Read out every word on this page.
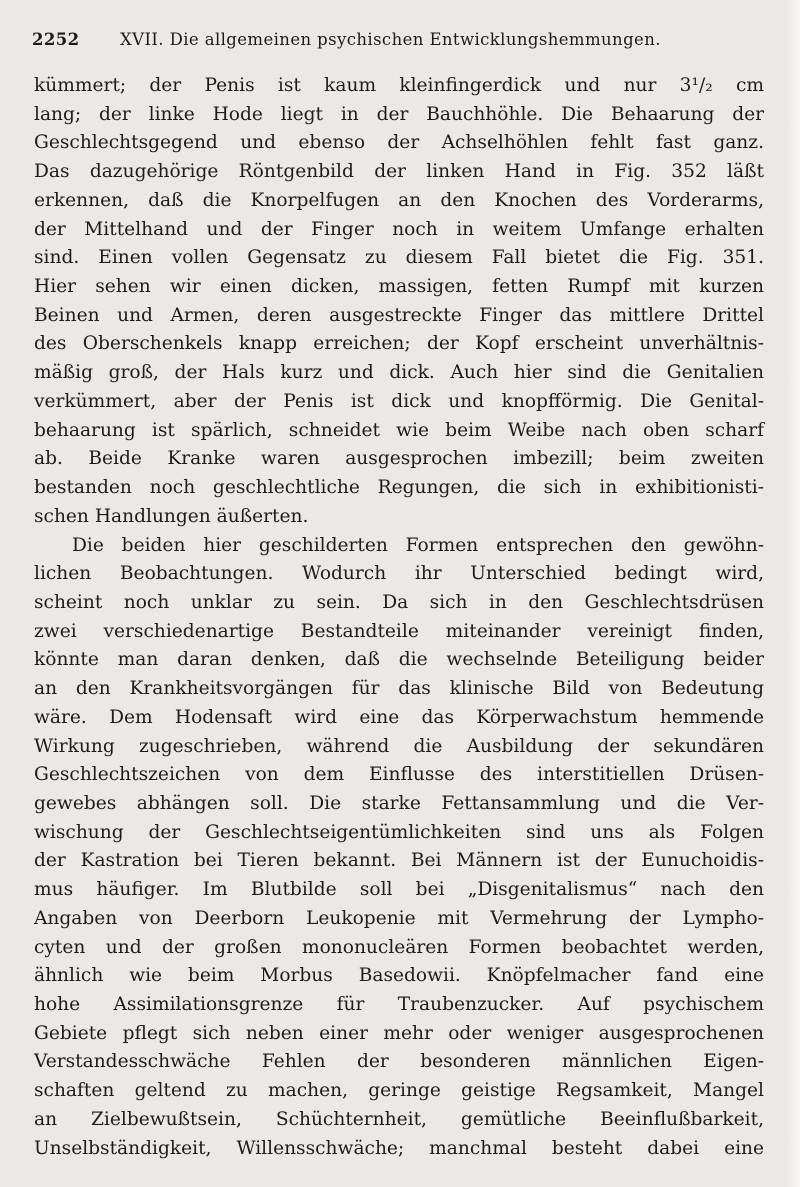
2252 XVII. Die allgemeinen psychischen Entwicklungshemmungen.
kümmert; der Penis ist kaum kleinfingerdick und nur 3¹/₂ cm
lang; der linke Hode liegt in der Bauchhöhle. Die Behaarung der
Geschlechtsgegend und ebenso der Achselhöhlen fehlt fast ganz.
Das dazugehörige Röntgenbild der linken Hand in Fig. 352 läßt
erkennen, daß die Knorpelfugen an den Knochen des Vorderarms,
der Mittelhand und der Finger noch in weitem Umfange erhalten
sind. Einen vollen Gegensatz zu diesem Fall bietet die Fig. 351.
Hier sehen wir einen dicken, massigen, fetten Rumpf mit kurzen
Beinen und Armen, deren ausgestreckte Finger das mittlere Drittel
des Oberschenkels knapp erreichen; der Kopf erscheint unverhältnis-
mäßig groß, der Hals kurz und dick. Auch hier sind die Genitalien
verkümmert, aber der Penis ist dick und knopfförmig. Die Genital-
behaarung ist spärlich, schneidet wie beim Weibe nach oben scharf
ab. Beide Kranke waren ausgesprochen imbezill; beim zweiten
bestanden noch geschlechtliche Regungen, die sich in exhibitionisti-
schen Handlungen äußerten.
Die beiden hier geschilderten Formen entsprechen den gewöhn-
lichen Beobachtungen. Wodurch ihr Unterschied bedingt wird,
scheint noch unklar zu sein. Da sich in den Geschlechtsdrüsen
zwei verschiedenartige Bestandteile miteinander vereinigt finden,
könnte man daran denken, daß die wechselnde Beteiligung beider
an den Krankheitsvorgängen für das klinische Bild von Bedeutung
wäre. Dem Hodensaft wird eine das Körperwachstum hemmende
Wirkung zugeschrieben, während die Ausbildung der sekundären
Geschlechtszeichen von dem Einflusse des interstitiellen Drüsen-
gewebes abhängen soll. Die starke Fettansammlung und die Ver-
wischung der Geschlechtseigentümlichkeiten sind uns als Folgen
der Kastration bei Tieren bekannt. Bei Männern ist der Eunuchoidis-
mus häufiger. Im Blutbilde soll bei „Disgenitalismus“ nach den
Angaben von Deerborn Leukopenie mit Vermehrung der Lympho-
cyten und der großen mononucleären Formen beobachtet werden,
ähnlich wie beim Morbus Basedowii. Knöpfelmacher fand eine
hohe Assimilationsgrenze für Traubenzucker. Auf psychischem
Gebiete pflegt sich neben einer mehr oder weniger ausgesprochenen
Verstandesschwäche Fehlen der besonderen männlichen Eigen-
schaften geltend zu machen, geringe geistige Regsamkeit, Mangel
an Zielbewußtsein, Schüchternheit, gemütliche Beeinflußbarkeit,
Unselbständigkeit, Willensschwäche; manchmal besteht dabei eine
